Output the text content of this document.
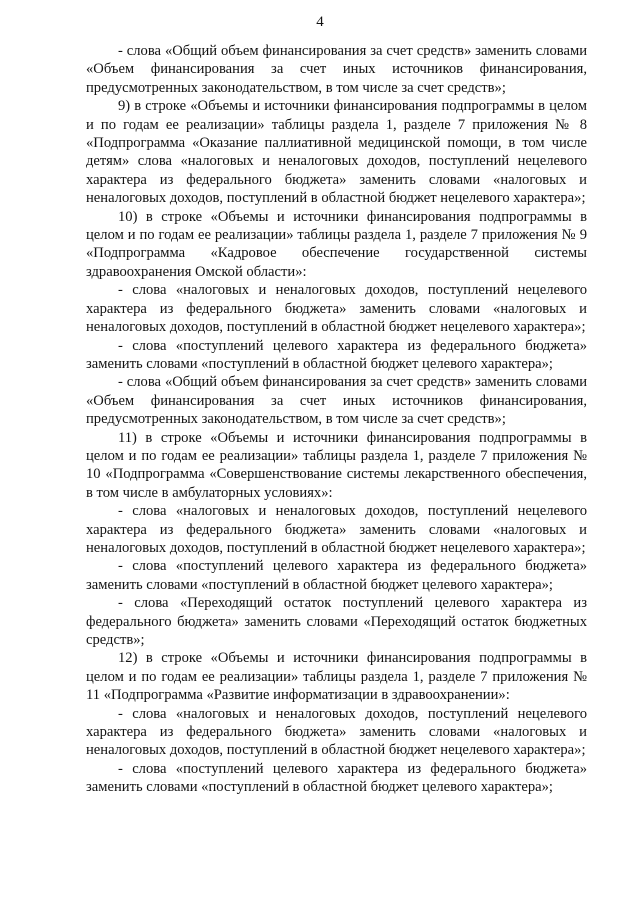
4

- слова «Общий объем финансирования за счет средств» заменить словами «Объем финансирования за счет иных источников финансирования, предусмотренных законодательством, в том числе за счет средств»;

9) в строке «Объемы и источники финансирования подпрограммы в целом и по годам ее реализации» таблицы раздела 1, разделе 7 приложения № 8 «Подпрограмма «Оказание паллиативной медицинской помощи, в том числе детям» слова «налоговых и неналоговых доходов, поступлений нецелевого характера из федерального бюджета» заменить словами «налоговых и неналоговых доходов, поступлений в областной бюджет нецелевого характера»;

10) в строке «Объемы и источники финансирования подпрограммы в целом и по годам ее реализации» таблицы раздела 1, разделе 7 приложения № 9 «Подпрограмма «Кадровое обеспечение государственной системы здравоохранения Омской области»:

- слова «налоговых и неналоговых доходов, поступлений нецелевого характера из федерального бюджета» заменить словами «налоговых и неналоговых доходов, поступлений в областной бюджет нецелевого характера»;

- слова «поступлений целевого характера из федерального бюджета» заменить словами «поступлений в областной бюджет целевого характера»;

- слова «Общий объем финансирования за счет средств» заменить словами «Объем финансирования за счет иных источников финансирования, предусмотренных законодательством, в том числе за счет средств»;

11) в строке «Объемы и источники финансирования подпрограммы в целом и по годам ее реализации» таблицы раздела 1, разделе 7 приложения № 10 «Подпрограмма «Совершенствование системы лекарственного обеспечения, в том числе в амбулаторных условиях»:

- слова «налоговых и неналоговых доходов, поступлений нецелевого характера из федерального бюджета» заменить словами «налоговых и неналоговых доходов, поступлений в областной бюджет нецелевого характера»;

- слова «поступлений целевого характера из федерального бюджета» заменить словами «поступлений в областной бюджет целевого характера»;

- слова «Переходящий остаток поступлений целевого характера из федерального бюджета» заменить словами «Переходящий остаток бюджетных средств»;

12) в строке «Объемы и источники финансирования подпрограммы в целом и по годам ее реализации» таблицы раздела 1, разделе 7 приложения № 11 «Подпрограмма «Развитие информатизации в здравоохранении»:

- слова «налоговых и неналоговых доходов, поступлений нецелевого характера из федерального бюджета» заменить словами «налоговых и неналоговых доходов, поступлений в областной бюджет нецелевого характера»;

- слова «поступлений целевого характера из федерального бюджета» заменить словами «поступлений в областной бюджет целевого характера»;
